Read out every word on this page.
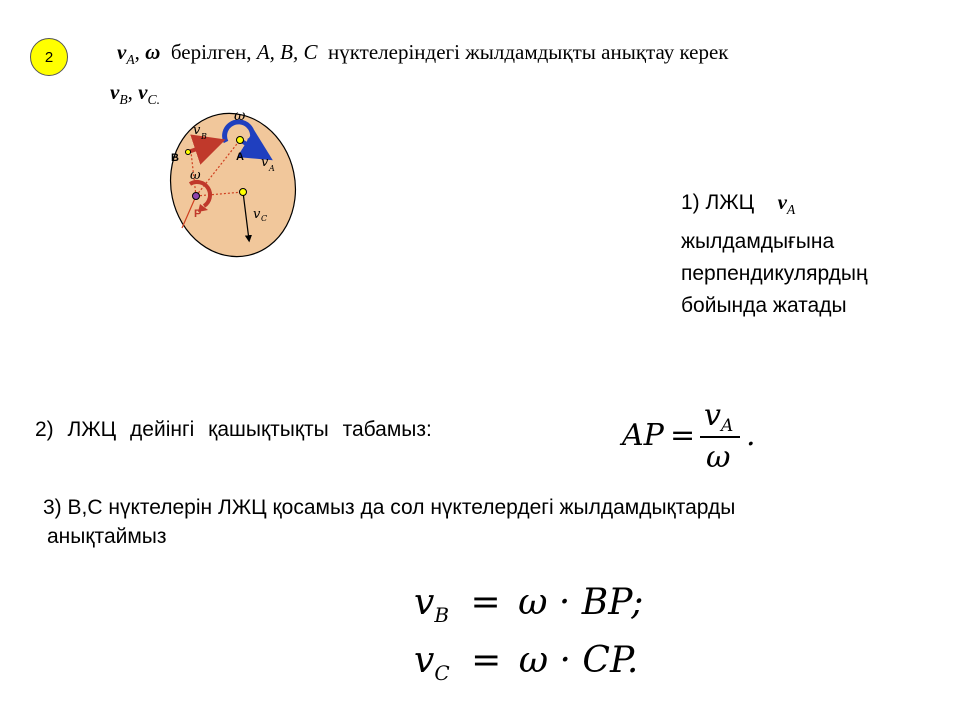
2	$v_A$, ω берілген, A, B, C нүктелеріндегі жылдамдықты анықтау керек
$v_B$, $v_{C.}$
ω
v B
B	A v A
ω
P	v C
1) ЛЖЦ $v_A$
жылдамдығына
перпендикулярдың
бойында жатады
2) ЛЖЦ дейінгі қашықтықты табамыз:	AP =
v A
ω
.
3) B,C нүктелерін ЛЖЦ қосамыз да сол нүктелердегі жылдамдықтарды
анықтаймыз
$v_B = \omega$ · BP;
$v_C = \omega$ · CP.
